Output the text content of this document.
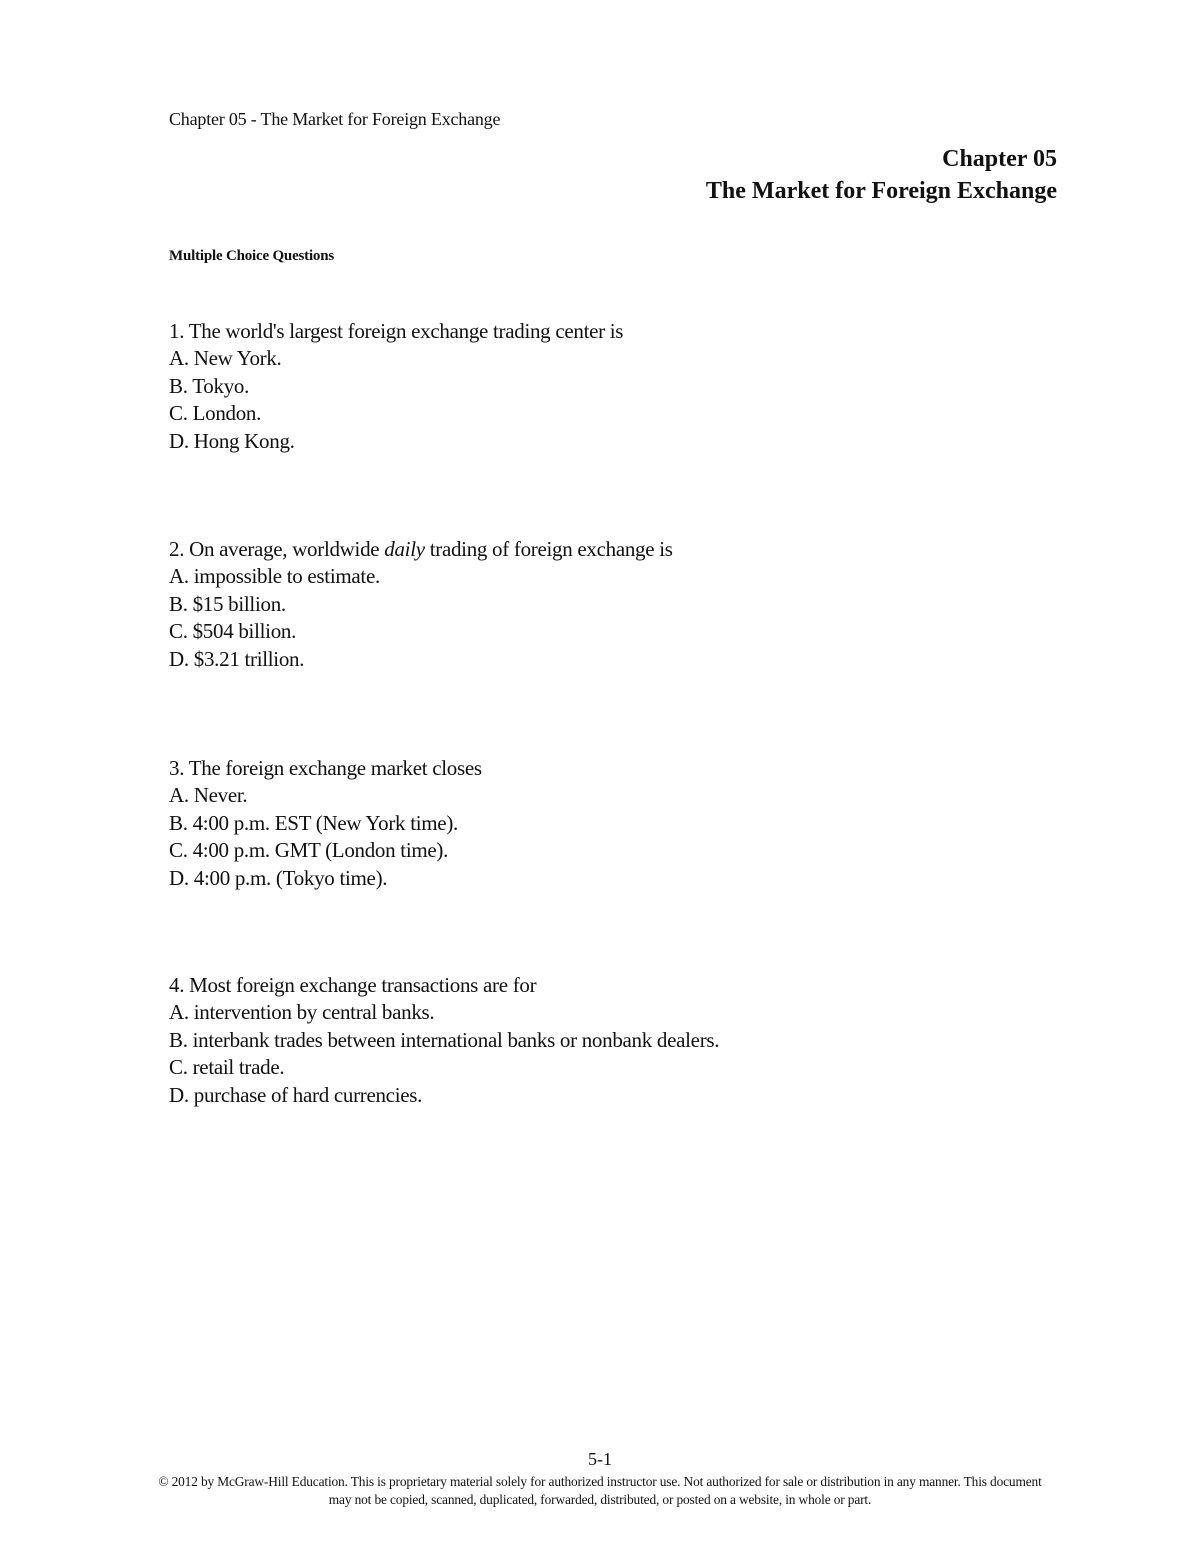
Chapter 05 - The Market for Foreign Exchange
Chapter 05
The Market for Foreign Exchange
Multiple Choice Questions
1. The world's largest foreign exchange trading center is
A. New York.
B. Tokyo.
C. London.
D. Hong Kong.
2. On average, worldwide daily trading of foreign exchange is
A. impossible to estimate.
B. $15 billion.
C. $504 billion.
D. $3.21 trillion.
3. The foreign exchange market closes
A. Never.
B. 4:00 p.m. EST (New York time).
C. 4:00 p.m. GMT (London time).
D. 4:00 p.m. (Tokyo time).
4. Most foreign exchange transactions are for
A. intervention by central banks.
B. interbank trades between international banks or nonbank dealers.
C. retail trade.
D. purchase of hard currencies.
5-1
© 2012 by McGraw-Hill Education. This is proprietary material solely for authorized instructor use. Not authorized for sale or distribution in any manner. This document may not be copied, scanned, duplicated, forwarded, distributed, or posted on a website, in whole or part.
